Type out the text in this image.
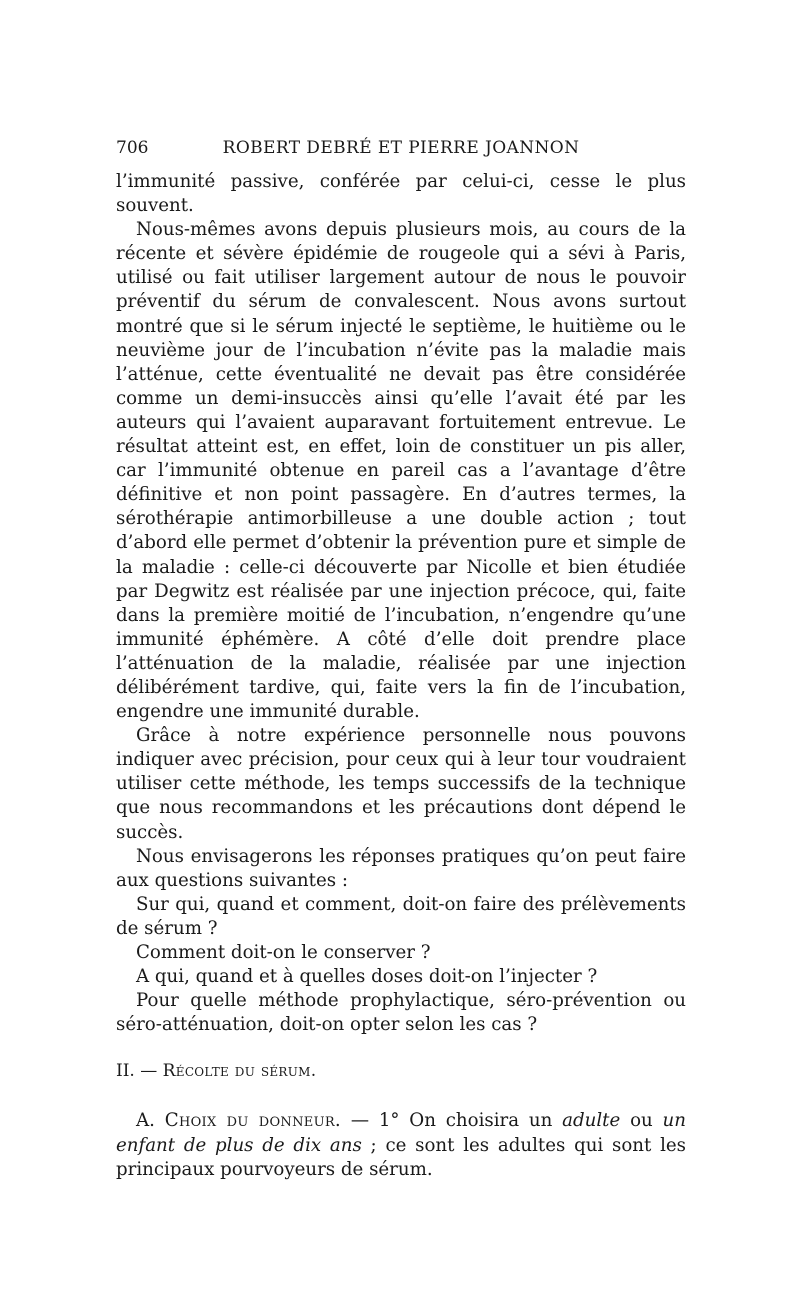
706	ROBERT DEBRÉ ET PIERRE JOANNON

l’immunité passive, conférée par celui-ci, cesse le plus souvent.

Nous-mêmes avons depuis plusieurs mois, au cours de la récente et sévère épidémie de rougeole qui a sévi à Paris, utilisé ou fait utiliser largement autour de nous le pouvoir préventif du sérum de convalescent. Nous avons surtout montré que si le sérum injecté le septième, le huitième ou le neuvième jour de l’incubation n’évite pas la maladie mais l’atténue, cette éventualité ne devait pas être considérée comme un demi-insuccès ainsi qu’elle l’avait été par les auteurs qui l’avaient auparavant fortuitement entrevue. Le résultat atteint est, en effet, loin de constituer un pis aller, car l’immunité obtenue en pareil cas a l’avantage d’être définitive et non point passagère. En d’autres termes, la sérothérapie antimorbilleuse a une double action ; tout d’abord elle permet d’obtenir la prévention pure et simple de la maladie : celle-ci découverte par Nicolle et bien étudiée par Degwitz est réalisée par une injection précoce, qui, faite dans la première moitié de l’incubation, n’engendre qu’une immunité éphémère. A côté d’elle doit prendre place l’atténuation de la maladie, réalisée par une injection délibérément tardive, qui, faite vers la fin de l’incubation, engendre une immunité durable.

Grâce à notre expérience personnelle nous pouvons indiquer avec précision, pour ceux qui à leur tour voudraient utiliser cette méthode, les temps successifs de la technique que nous recommandons et les précautions dont dépend le succès.

Nous envisagerons les réponses pratiques qu’on peut faire aux questions suivantes :

Sur qui, quand et comment, doit-on faire des prélèvements de sérum ?

Comment doit-on le conserver ?

A qui, quand et à quelles doses doit-on l’injecter ?

Pour quelle méthode prophylactique, séro-prévention ou séro-atténuation, doit-on opter selon les cas ?

II. — Récolte du sérum.

A. Choix du donneur. — 1° On choisira un adulte ou un enfant de plus de dix ans ; ce sont les adultes qui sont les principaux pourvoyeurs de sérum.
